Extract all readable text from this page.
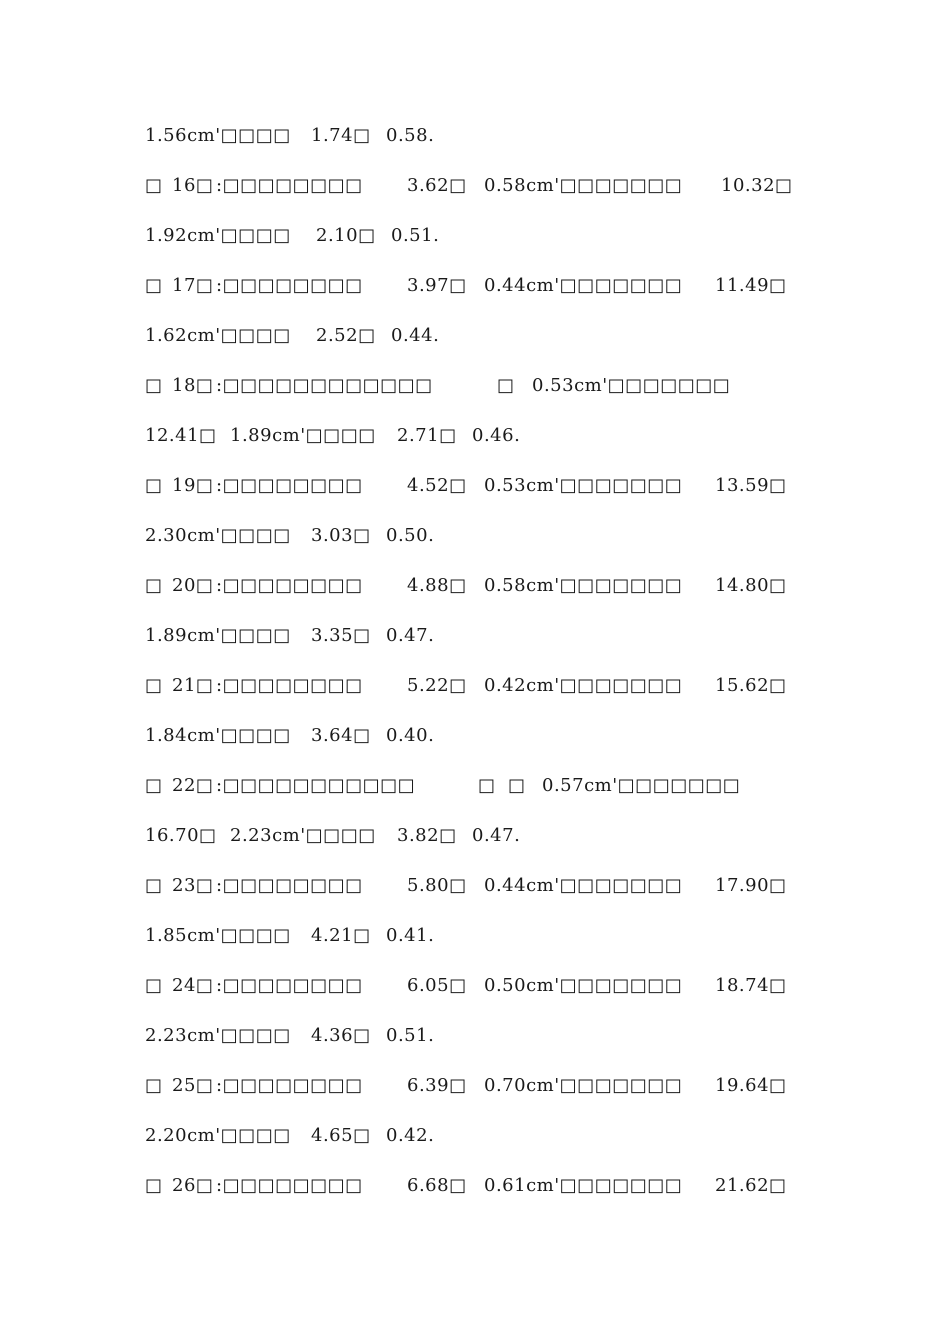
1.56cm'□□□□ 1.74□ 0.58.
□ 16□ :□□□□□□□□ 3.62□ 0.58cm'□□□□□□□ 10.32□
1.92cm'□□□□ 2.10□ 0.51.
□ 17□ :□□□□□□□□ 3.97□ 0.44cm'□□□□□□□ 11.49□
1.62cm'□□□□ 2.52□ 0.44.
□ 18□ :□□□□□□□□□□□□	□ 0.53cm'□□□□□□□
12.41□ 1.89cm'□□□□ 2.71□ 0.46.
□ 19□ :□□□□□□□□ 4.52□ 0.53cm'□□□□□□□ 13.59□
2.30cm'□□□□ 3.03□ 0.50.
□ 20□ :□□□□□□□□ 4.88□ 0.58cm'□□□□□□□ 14.80□
1.89cm'□□□□ 3.35□ 0.47.
□ 21□ :□□□□□□□□ 5.22□ 0.42cm'□□□□□□□ 15.62□
1.84cm'□□□□ 3.64□ 0.40.
□ 22□ :□□□□□□□□□□□	□ □ 0.57cm'□□□□□□□
16.70□ 2.23cm'□□□□ 3.82□ 0.47.
□ 23□ :□□□□□□□□ 5.80□ 0.44cm'□□□□□□□ 17.90□
1.85cm'□□□□ 4.21□ 0.41.
□ 24□ :□□□□□□□□ 6.05□ 0.50cm'□□□□□□□ 18.74□
2.23cm'□□□□ 4.36□ 0.51.
□ 25□ :□□□□□□□□ 6.39□ 0.70cm'□□□□□□□ 19.64□
2.20cm'□□□□ 4.65□ 0.42.
□ 26□ :□□□□□□□□ 6.68□ 0.61cm'□□□□□□□ 21.62□
